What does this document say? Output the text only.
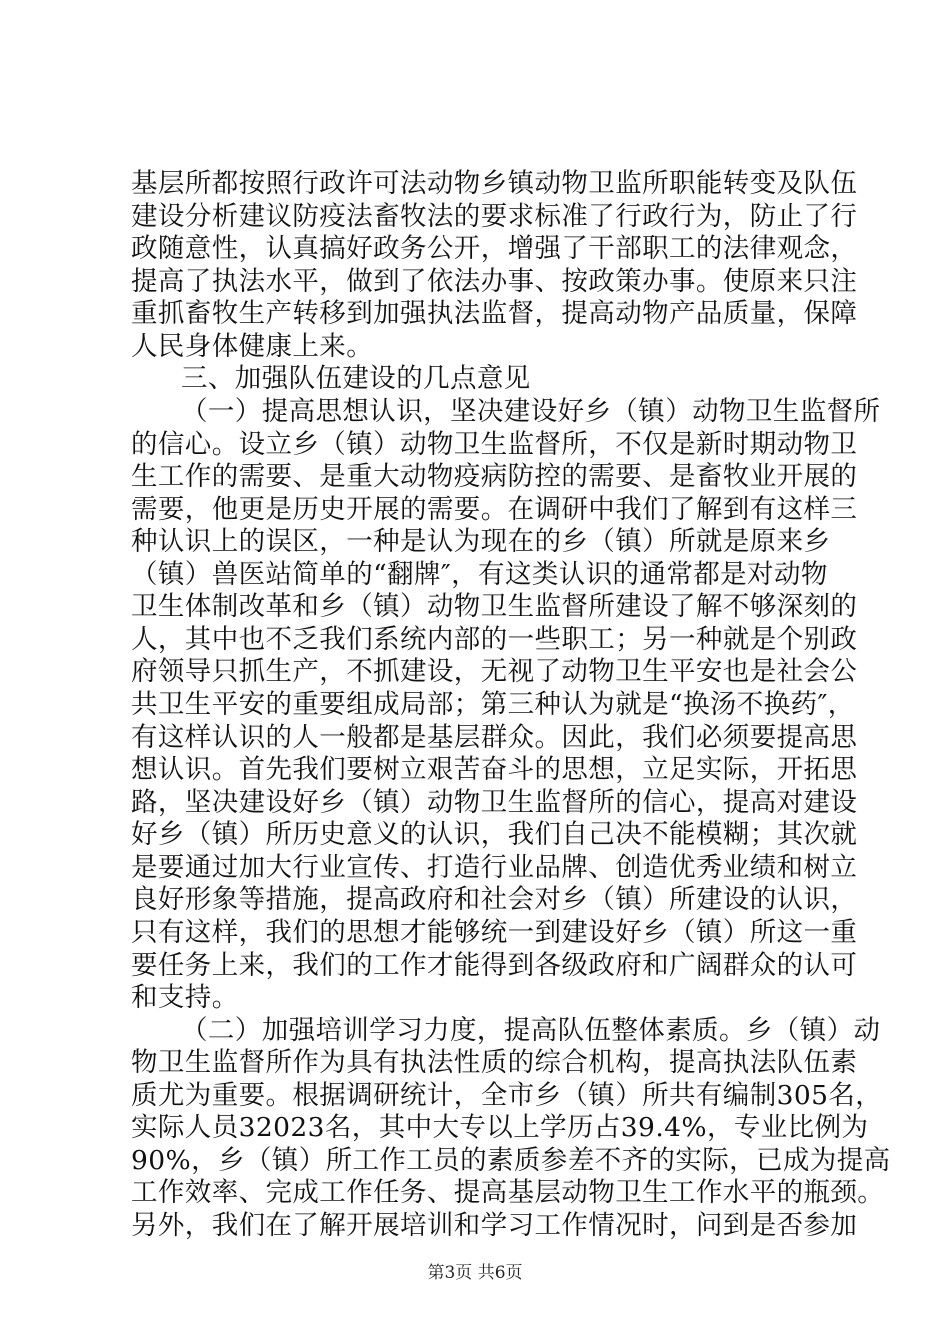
基层所都按照行政许可法动物乡镇动物卫监所职能转变及队伍
建设分析建议防疫法畜牧法的要求标准了行政行为，防止了行
政随意性，认真搞好政务公开，增强了干部职工的法律观念，
提高了执法水平，做到了依法办事、按政策办事。使原来只注
重抓畜牧生产转移到加强执法监督，提高动物产品质量，保障
人民身体健康上来。
三、加强队伍建设的几点意见
（一）提高思想认识，坚决建设好乡（镇）动物卫生监督所
的信心。设立乡（镇）动物卫生监督所，不仅是新时期动物卫
生工作的需要、是重大动物疫病防控的需要、是畜牧业开展的
需要，他更是历史开展的需要。在调研中我们了解到有这样三
种认识上的误区，一种是认为现在的乡（镇）所就是原来乡
（镇）兽医站简单的“翻牌″，有这类认识的通常都是对动物
卫生体制改革和乡（镇）动物卫生监督所建设了解不够深刻的
人，其中也不乏我们系统内部的一些职工；另一种就是个别政
府领导只抓生产，不抓建设，无视了动物卫生平安也是社会公
共卫生平安的重要组成局部；第三种认为就是“换汤不换药″，
有这样认识的人一般都是基层群众。因此，我们必须要提高思
想认识。首先我们要树立艰苦奋斗的思想，立足实际，开拓思
路，坚决建设好乡（镇）动物卫生监督所的信心，提高对建设
好乡（镇）所历史意义的认识，我们自己决不能模糊；其次就
是要通过加大行业宣传、打造行业品牌、创造优秀业绩和树立
良好形象等措施，提高政府和社会对乡（镇）所建设的认识，
只有这样，我们的思想才能够统一到建设好乡（镇）所这一重
要任务上来，我们的工作才能得到各级政府和广阔群众的认可
和支持。
（二）加强培训学习力度，提高队伍整体素质。乡（镇）动
物卫生监督所作为具有执法性质的综合机构，提高执法队伍素
质尤为重要。根据调研统计，全市乡（镇）所共有编制305名，
实际人员32023名，其中大专以上学历占39.4%，专业比例为
90%，乡（镇）所工作工员的素质参差不齐的实际，已成为提高
工作效率、完成工作任务、提高基层动物卫生工作水平的瓶颈。
另外，我们在了解开展培训和学习工作情况时，问到是否参加
第3页 共6页
